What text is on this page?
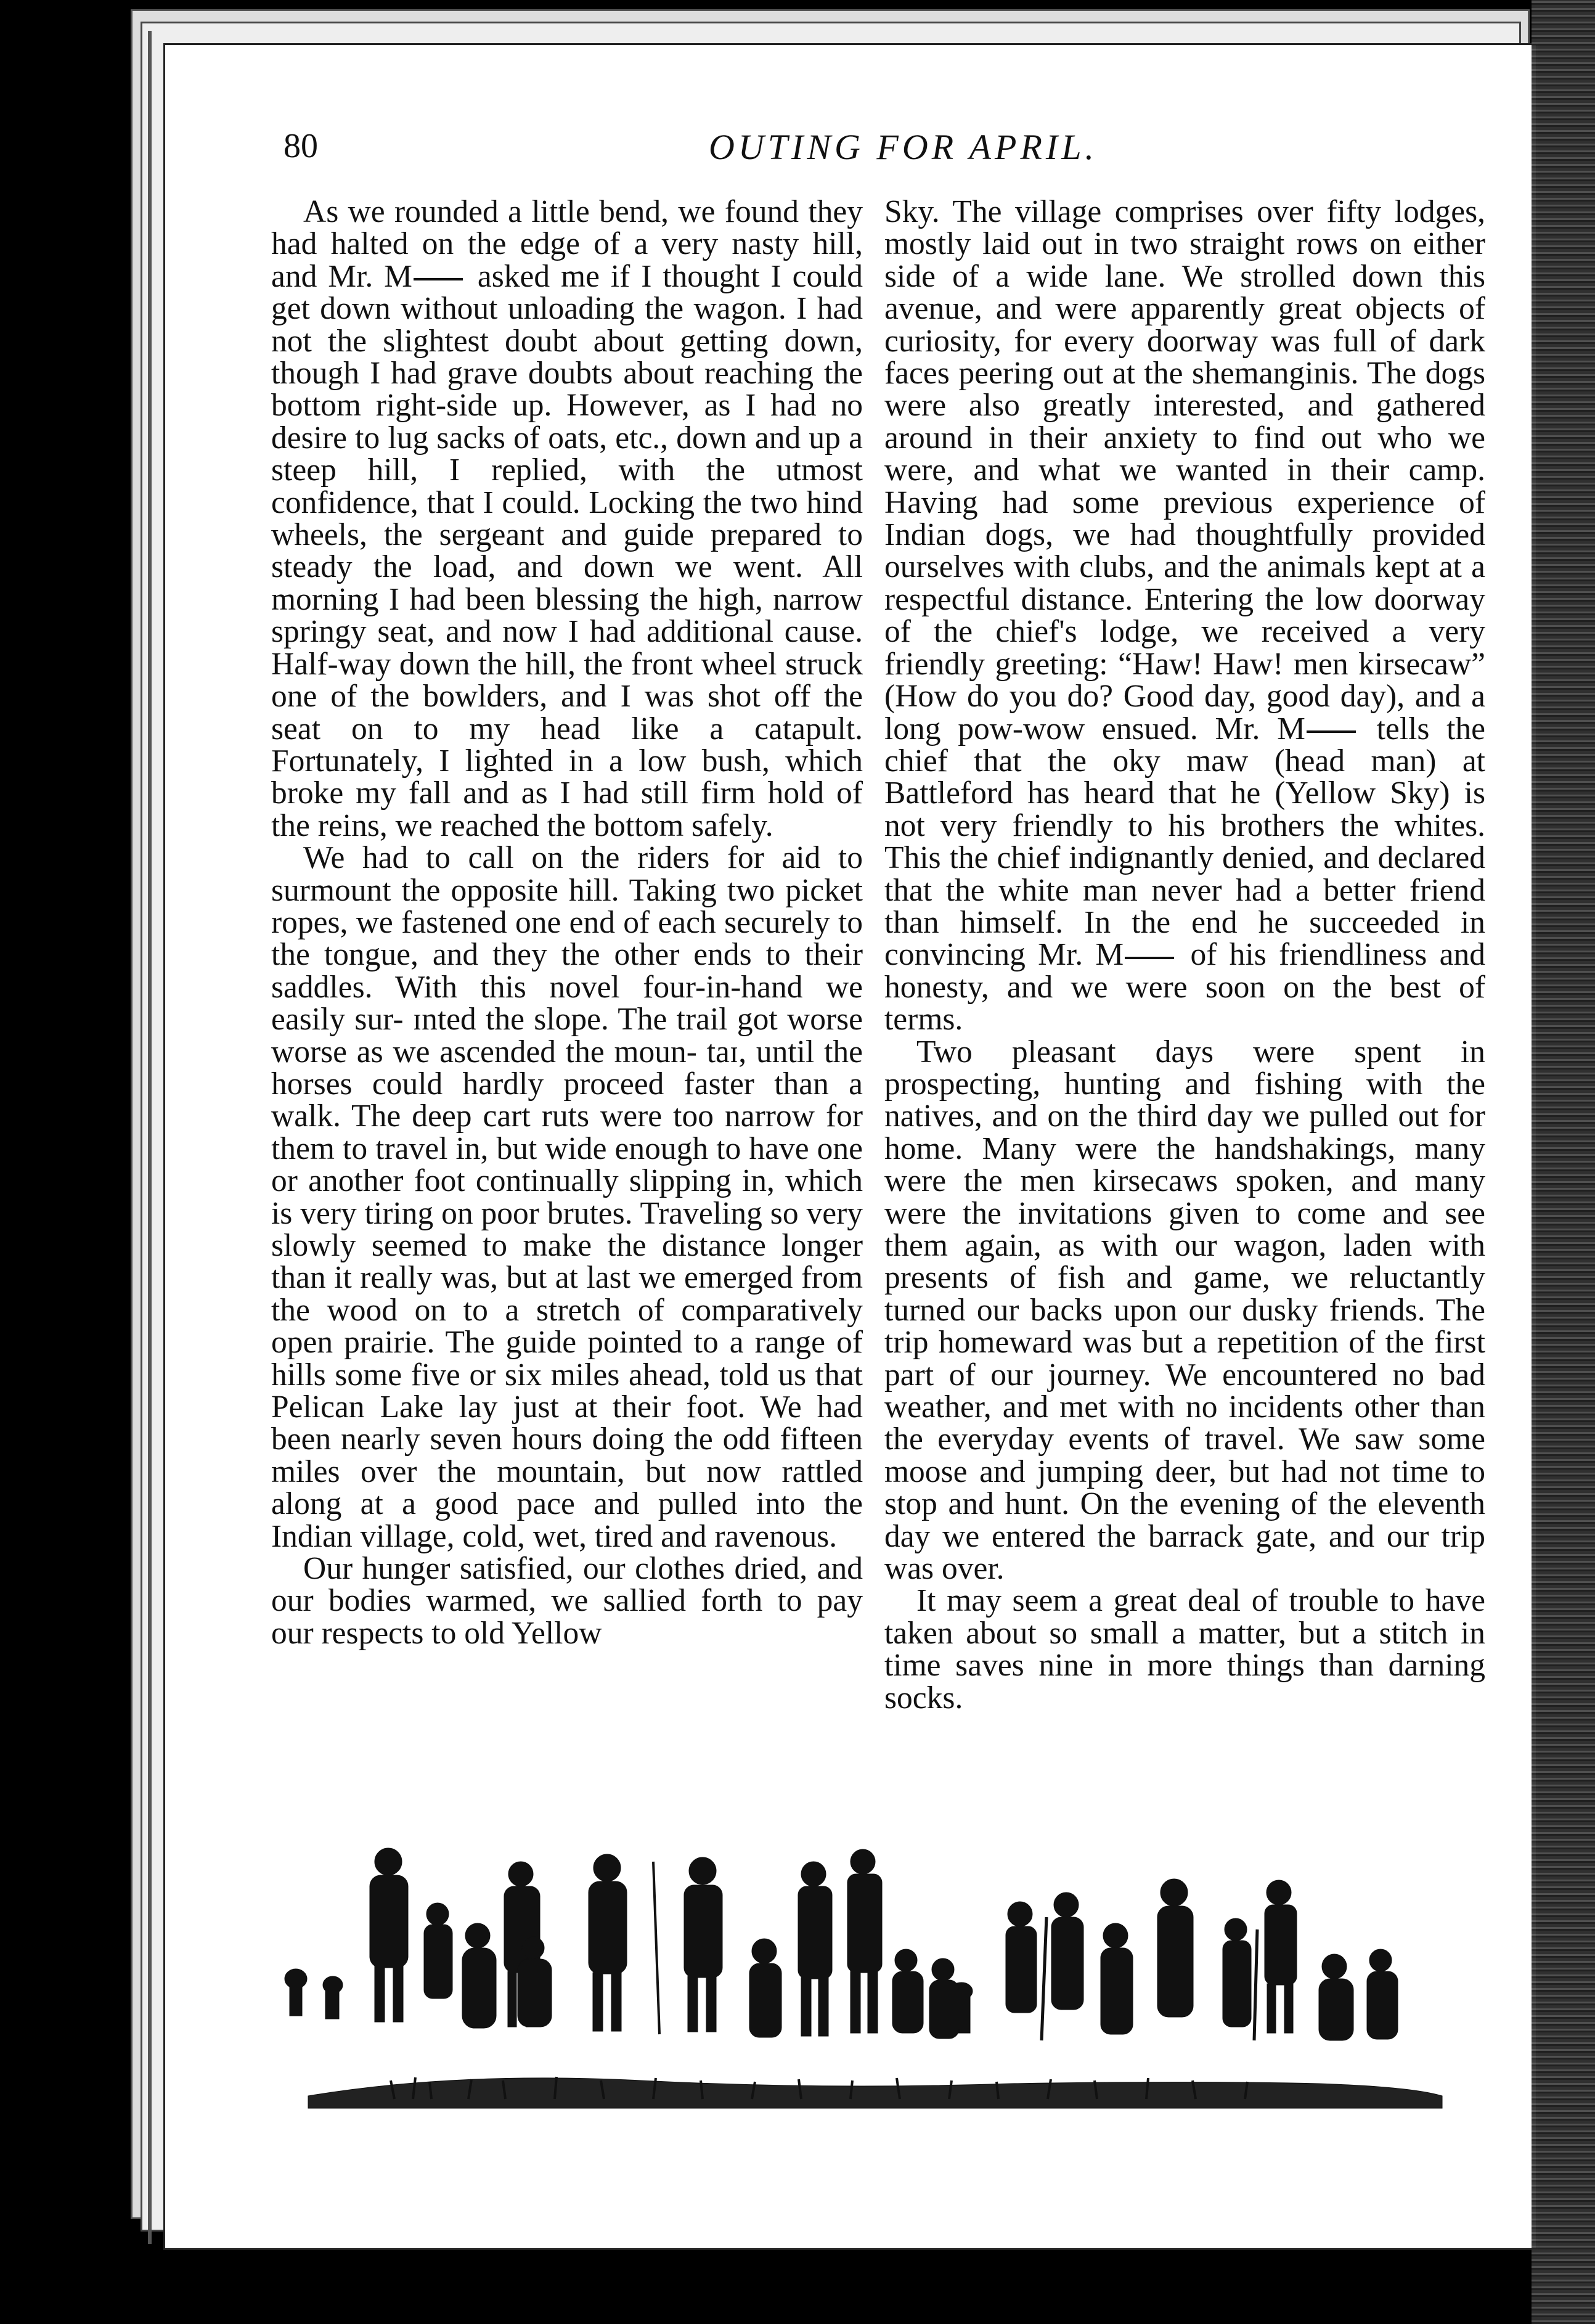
80	OUTING FOR APRIL.

As we rounded a little bend, we found they had halted on the edge of a very nasty hill, and Mr. M asked me if I thought I could get down without unloading the wagon. I had not the slightest doubt about getting down, though I had grave doubts about reaching the bottom right-side up. However, as I had no desire to lug sacks of oats, etc., down and up a steep hill, I replied, with the utmost confidence, that I could. Locking the two hind wheels, the sergeant and guide prepared to steady the load, and down we went. All morning I had been blessing the high, narrow springy seat, and now I had additional cause. Half-way down the hill, the front wheel struck one of the bowlders, and I was shot off the seat on to my head like a catapult. Fortunately, I lighted in a low bush, which broke my fall and as I had still firm hold of the reins, we reached the bottom safely.

We had to call on the riders for aid to surmount the opposite hill. Taking two picket ropes, we fastened one end of each securely to the tongue, and they the other ends to their saddles. With this novel four-in-hand we easily sur- ɪnted the slope. The trail got worse worse as we ascended the moun- taɪ, until the horses could hardly proceed faster than a walk. The deep cart ruts were too narrow for them to travel in, but wide enough to have one or another foot continually slipping in, which is very tiring on poor brutes. Traveling so very slowly seemed to make the distance longer than it really was, but at last we emerged from the wood on to a stretch of comparatively open prairie. The guide pointed to a range of hills some five or six miles ahead, told us that Pelican Lake lay just at their foot. We had been nearly seven hours doing the odd fifteen miles over the mountain, but now rattled along at a good pace and pulled into the Indian village, cold, wet, tired and ravenous.

Our hunger satisfied, our clothes dried, and our bodies warmed, we sallied forth to pay our respects to old Yellow

Sky. The village comprises over fifty lodges, mostly laid out in two straight rows on either side of a wide lane. We strolled down this avenue, and were apparently great objects of curiosity, for every doorway was full of dark faces peering out at the shemanginis. The dogs were also greatly interested, and gathered around in their anxiety to find out who we were, and what we wanted in their camp. Having had some previous experience of Indian dogs, we had thoughtfully provided ourselves with clubs, and the animals kept at a respectful distance. Entering the low doorway of the chief's lodge, we received a very friendly greeting: “Haw! Haw! men kirsecaw” (How do you do? Good day, good day), and a long pow-wow ensued. Mr. M tells the chief that the oky maw (head man) at Battleford has heard that he (Yellow Sky) is not very friendly to his brothers the whites. This the chief indignantly denied, and declared that the white man never had a better friend than himself. In the end he succeeded in convincing Mr. M of his friendliness and honesty, and we were soon on the best of terms.

Two pleasant days were spent in prospecting, hunting and fishing with the natives, and on the third day we pulled out for home. Many were the handshakings, many were the men kirsecaws spoken, and many were the invitations given to come and see them again, as with our wagon, laden with presents of fish and game, we reluctantly turned our backs upon our dusky friends. The trip homeward was but a repetition of the first part of our journey. We encountered no bad weather, and met with no incidents other than the everyday events of travel. We saw some moose and jumping deer, but had not time to stop and hunt. On the evening of the eleventh day we entered the barrack gate, and our trip was over.

It may seem a great deal of trouble to have taken about so small a matter, but a stitch in time saves nine in more things than darning socks.
